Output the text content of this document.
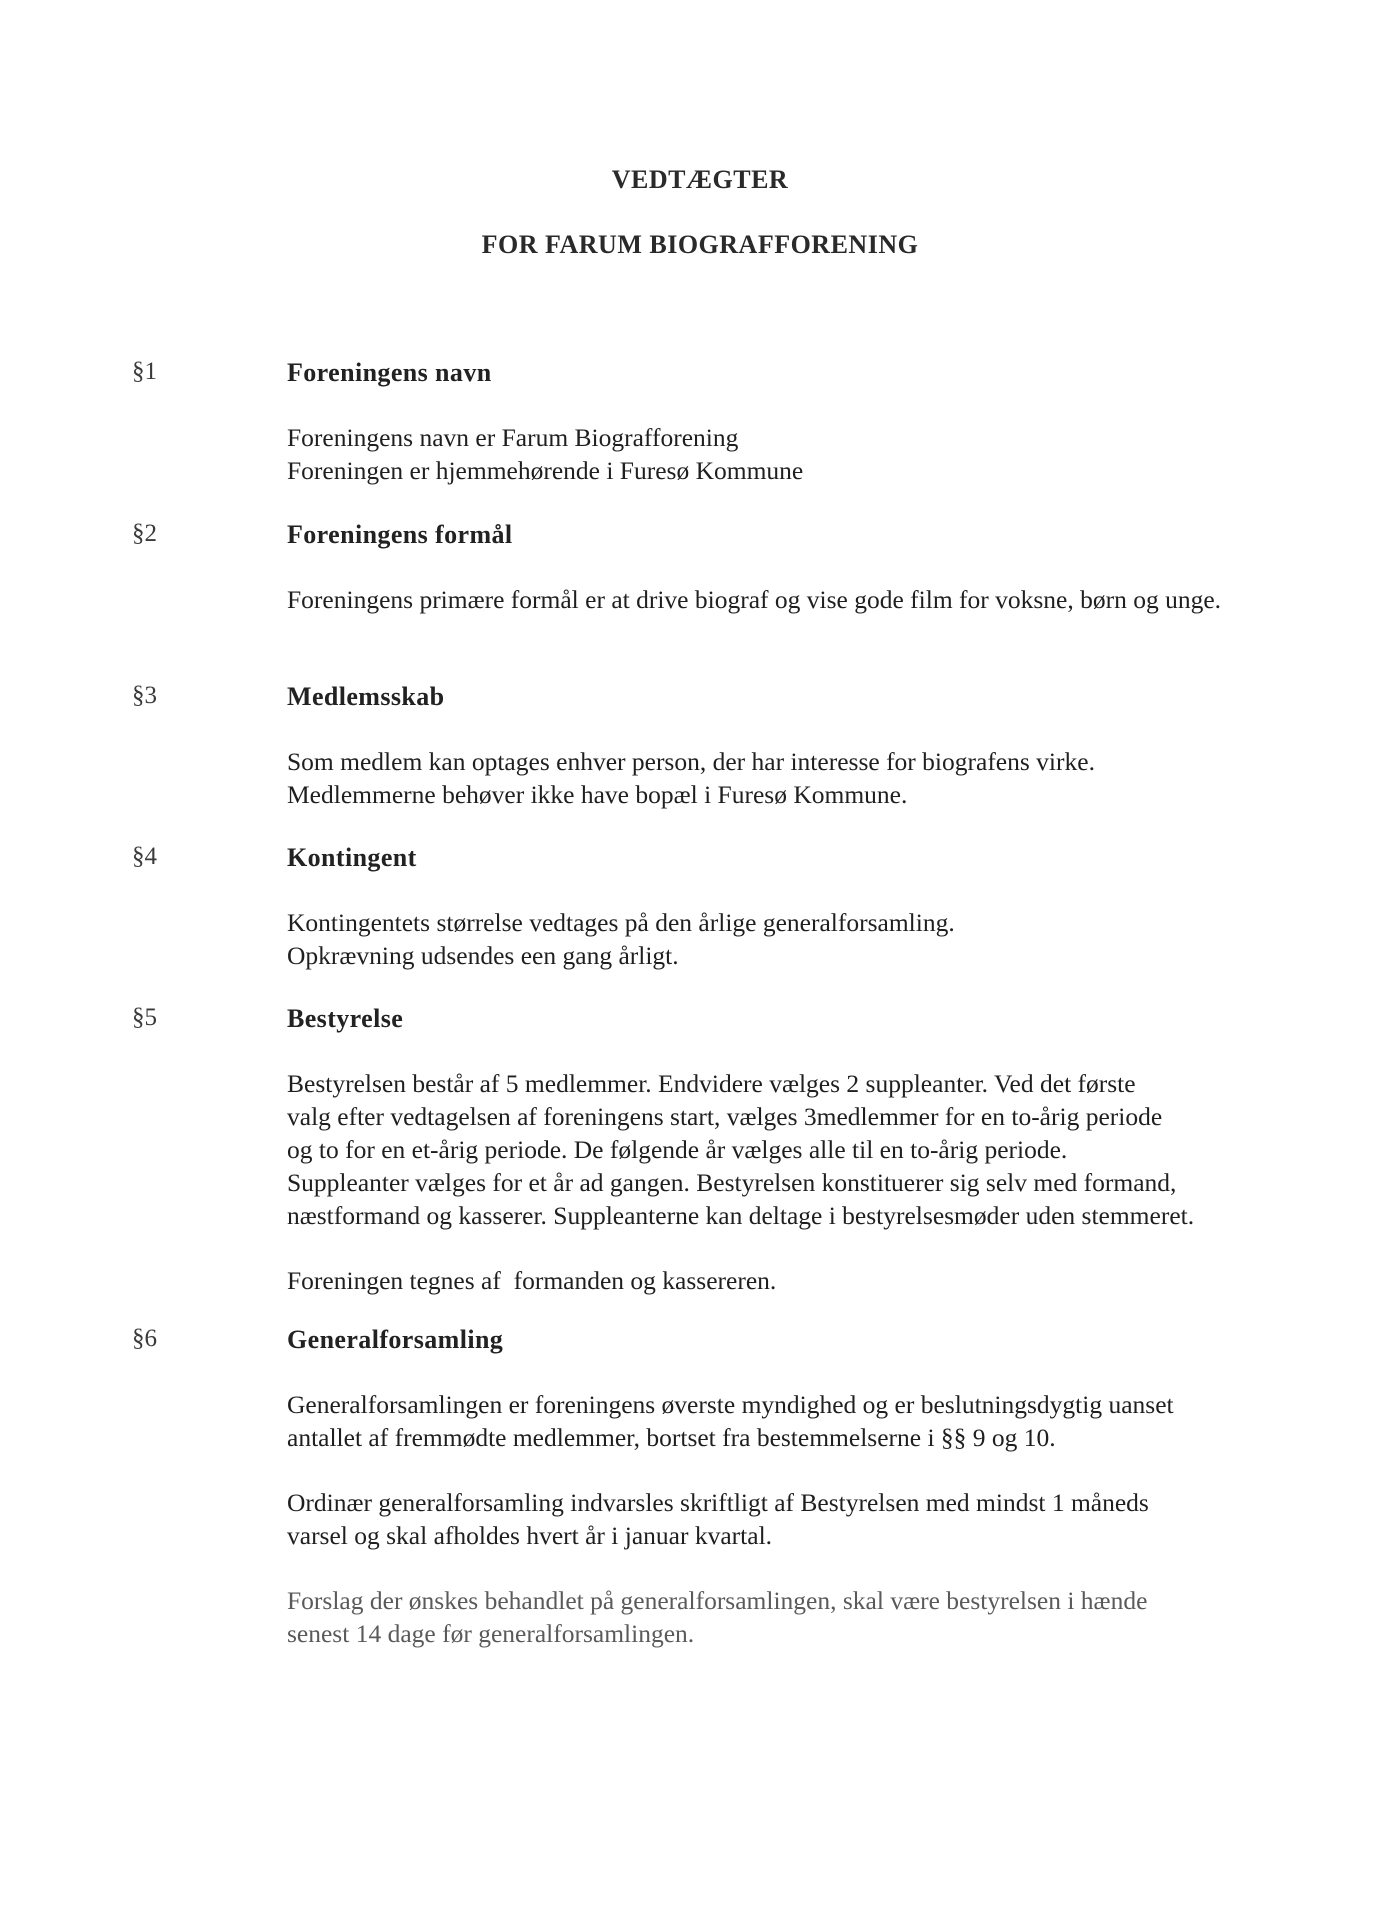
VEDTÆGTER
FOR FARUM BIOGRAFFORENING
§1	Foreningens navn

Foreningens navn er Farum Biografforening
Foreningen er hjemmehørende i Furesø Kommune

§2	Foreningens formål

Foreningens primære formål er at drive biograf og vise gode film for voksne, børn og unge.

§3	Medlemsskab

Som medlem kan optages enhver person, der har interesse for biografens virke.
Medlemmerne behøver ikke have bopæl i Furesø Kommune.

§4	Kontingent

Kontingentets størrelse vedtages på den årlige generalforsamling.
Opkrævning udsendes een gang årligt.

§5	Bestyrelse

Bestyrelsen består af 5 medlemmer. Endvidere vælges 2 suppleanter. Ved det første
valg efter vedtagelsen af foreningens start, vælges 3medlemmer for en to-årig periode
og to for en et-årig periode. De følgende år vælges alle til en to-årig periode.
Suppleanter vælges for et år ad gangen. Bestyrelsen konstituerer sig selv med formand,
næstformand og kasserer. Suppleanterne kan deltage i bestyrelsesmøder uden stemmeret.

Foreningen tegnes af  formanden og kassereren.

§6	Generalforsamling

Generalforsamlingen er foreningens øverste myndighed og er beslutningsdygtig uanset
antallet af fremmødte medlemmer, bortset fra bestemmelserne i §§ 9 og 10.

Ordinær generalforsamling indvarsles skriftligt af Bestyrelsen med mindst 1 måneds
varsel og skal afholdes hvert år i januar kvartal.

Forslag der ønskes behandlet på generalforsamlingen, skal være bestyrelsen i hænde
senest 14 dage før generalforsamlingen.
